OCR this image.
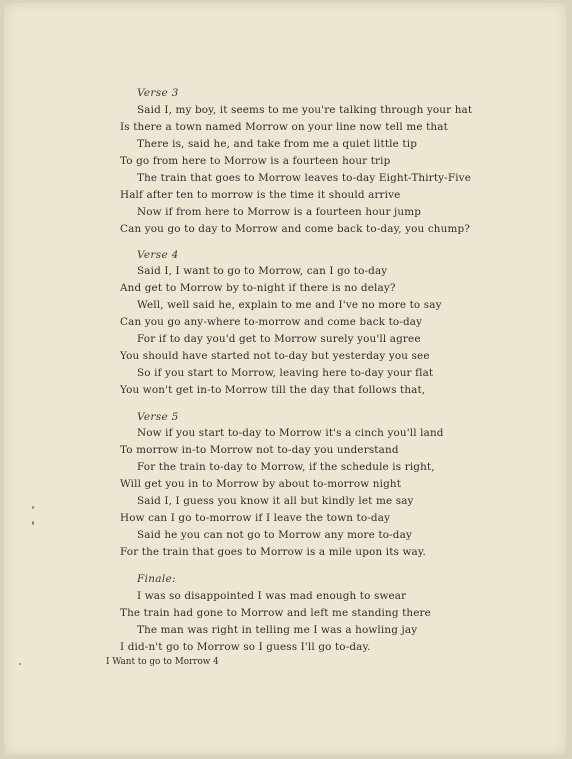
Verse 3
Said I, my boy, it seems to me you're talking through your hat
Is there a town named Morrow on your line now tell me that
There is, said he, and take from me a quiet little tip
To go from here to Morrow is a fourteen hour trip
The train that goes to Morrow leaves to-day Eight-Thirty-Five
Half after ten to morrow is the time it should arrive
Now if from here to Morrow is a fourteen hour jump
Can you go to day to Morrow and come back to-day, you chump?
Verse 4
Said I, I want to go to Morrow, can I go to-day
And get to Morrow by to-night if there is no delay?
Well, well said he, explain to me and I've no more to say
Can you go any-where to-morrow and come back to-day
For if to day you'd get to Morrow surely you'll agree
You should have started not to-day but yesterday you see
So if you start to Morrow, leaving here to-day your flat
You won't get in-to Morrow till the day that follows that,
Verse 5
Now if you start to-day to Morrow it's a cinch you'll land
To morrow in-to Morrow not to-day you understand
For the train to-day to Morrow, if the schedule is right,
Will get you in to Morrow by about to-morrow night
Said I, I guess you know it all but kindly let me say
How can I go to-morrow if I leave the town to-day
Said he you can not go to Morrow any more to-day
For the train that goes to Morrow is a mile upon its way.
Finale:
I was so disappointed I was mad enough to swear
The train had gone to Morrow and left me standing there
The man was right in telling me I was a howling jay
I did-n't go to Morrow so I guess I'll go to-day.
I Want to go to Morrow 4
